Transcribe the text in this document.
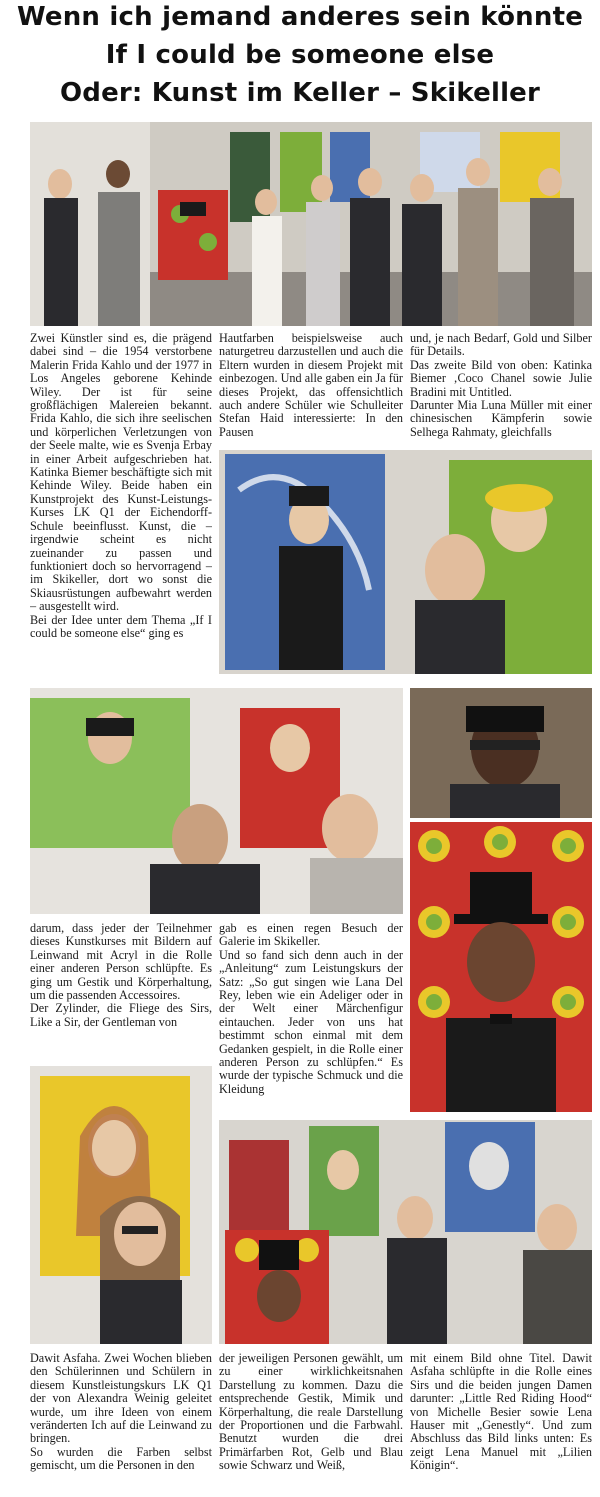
Wenn ich jemand anderes sein könnte
If I could be someone else
Oder: Kunst im Keller – Skikeller

Zwei Künstler sind es, die prägend dabei sind – die 1954 verstorbene Malerin Frida Kahlo und der 1977 in Los Angeles geborene Kehinde Wiley. Der ist für seine großflächigen Malereien bekannt. Frida Kahlo, die sich ihre seelischen und körperlichen Verletzungen von der Seele malte, wie es Svenja Erbay in einer Arbeit aufgeschrieben hat. Katinka Biemer beschäftigte sich mit Kehinde Wiley. Beide haben ein Kunstprojekt des Kunst-Leistungs-Kurses LK Q1 der Eichendorff-Schule beeinflusst. Kunst, die – irgendwie scheint es nicht zueinander zu passen und funktioniert doch so hervorragend – im Skikeller, dort wo sonst die Skiausrüstungen aufbewahrt werden – ausgestellt wird.

Bei der Idee unter dem Thema „If I could be someone else“ ging es

Hautfarben beispielsweise auch naturgetreu darzustellen und auch die Eltern wurden in diesem Projekt mit einbezogen. Und alle gaben ein Ja für dieses Projekt, das offensichtlich auch andere Schüler wie Schulleiter Stefan Haid interessierte: In den Pausen

und, je nach Bedarf, Gold und Silber für Details.

Das zweite Bild von oben: Katinka Biemer ‚Coco Chanel sowie Julie Bradini mit Untitled.

Darunter Mia Luna Müller mit einer chinesischen Kämpferin sowie Selhega Rahmaty, gleichfalls

darum, dass jeder der Teilnehmer dieses Kunstkurses mit Bildern auf Leinwand mit Acryl in die Rolle einer anderen Person schlüpfte. Es ging um Gestik und Körperhaltung, um die passenden Accessoires.

Der Zylinder, die Fliege des Sirs, Like a Sir, der Gentleman von

gab es einen regen Besuch der Galerie im Skikeller.

Und so fand sich denn auch in der „Anleitung“ zum Leistungskurs der Satz: „So gut singen wie Lana Del Rey, leben wie ein Adeliger oder in der Welt einer Märchenfigur eintauchen. Jeder von uns hat bestimmt schon einmal mit dem Gedanken gespielt, in die Rolle einer anderen Person zu schlüpfen.“ Es wurde der typische Schmuck und die Kleidung

Dawit Asfaha. Zwei Wochen blieben den Schülerinnen und Schülern in diesem Kunstleistungskurs LK Q1 der von Alexandra Weinig geleitet wurde, um ihre Ideen von einem veränderten Ich auf die Leinwand zu bringen.

So wurden die Farben selbst gemischt, um die Personen in den

der jeweiligen Personen gewählt, um zu einer wirklichkeitsnahen Darstellung zu kommen. Dazu die entsprechende Gestik, Mimik und Körperhaltung, die reale Darstellung der Proportionen und die Farbwahl. Benutzt wurden die drei Primärfarben Rot, Gelb und Blau sowie Schwarz und Weiß,

mit einem Bild ohne Titel. Dawit Asfaha schlüpfte in die Rolle eines Sirs und die beiden jungen Damen darunter: „Little Red Riding Hood“ von Michelle Besier sowie Lena Hauser mit „Genestly“. Und zum Abschluss das Bild links unten: Es zeigt Lena Manuel mit „Lilien Königin“.
